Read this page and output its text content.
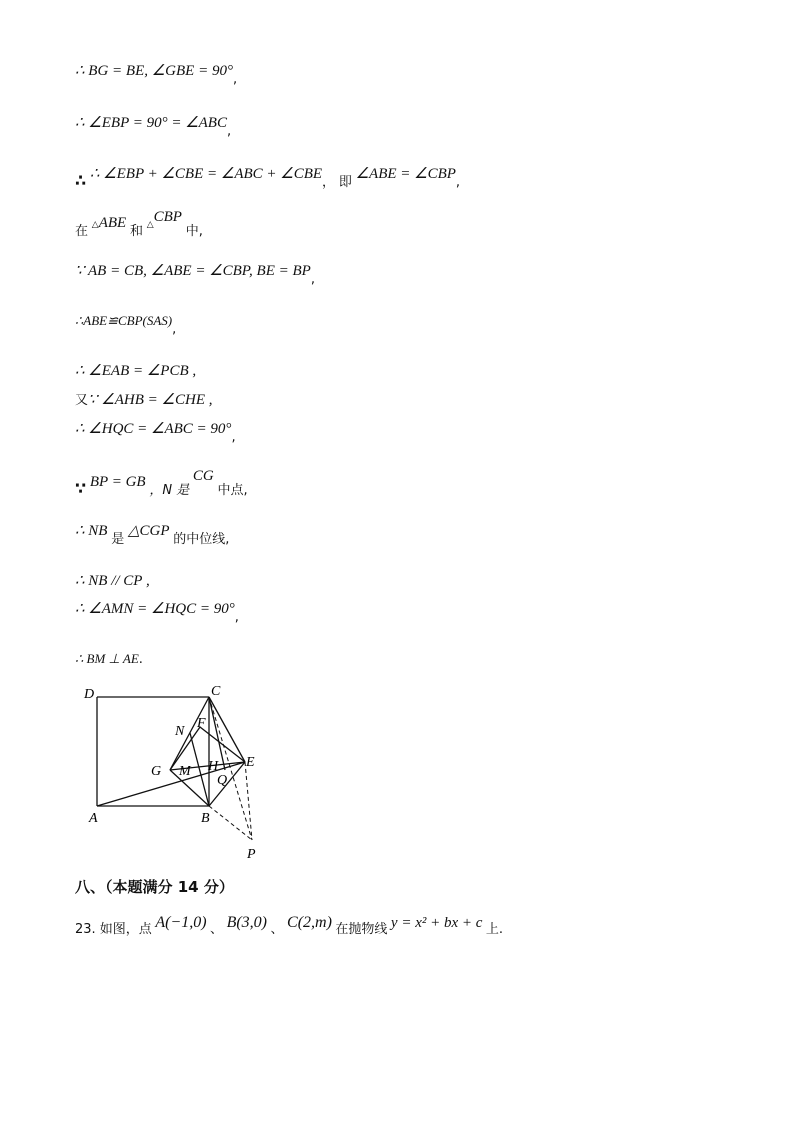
∴ BG = BE, ∠GBE = 90°,
∴ ∠EBP = 90° = ∠ABC,
∴ ∴ ∠EBP + ∠CBE = ∠ABC + ∠CBE， 即 ∠ABE = ∠CBP,
在 △ABE 和 △CBP 中,
∵ AB = CB, ∠ABE = ∠CBP, BE = BP,
∴ABE≌CBP(SAS),
∴ ∠EAB = ∠PCB ,
又∵ ∠AHB = ∠CHE ,
∴ ∠HQC = ∠ABC = 90°,
∵ BP = GB ，N 是 CG 中点,
∴ NB 是 △CGP 的中位线,
∴ NB // CP ,
∴ ∠AMN = ∠HQC = 90°,
∴ BM ⊥ AE.
D	C
N
F
G M H E
Q
A	B
P
八、（本题满分 14 分）
23. 如图，点 A(−1,0) 、 B(3,0) 、 C(2,m) 在抛物线 y = x² + bx + c 上.
